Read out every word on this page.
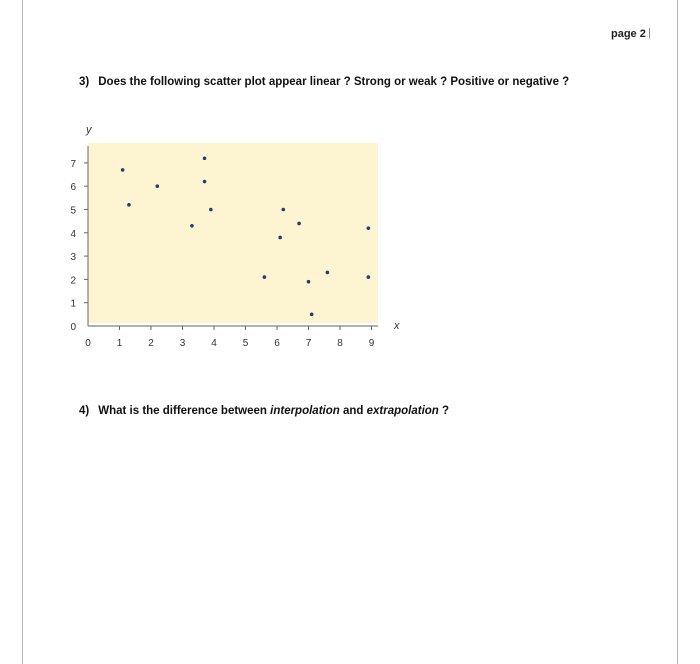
page 2
3) Does the following scatter plot appear linear ? Strong or weak ? Positive or negative ?
0
1
2
3
4
5
6
7
0	1	2	3	4	5	6	7	8	9
y
x
4) What is the difference between interpolation and extrapolation ?
